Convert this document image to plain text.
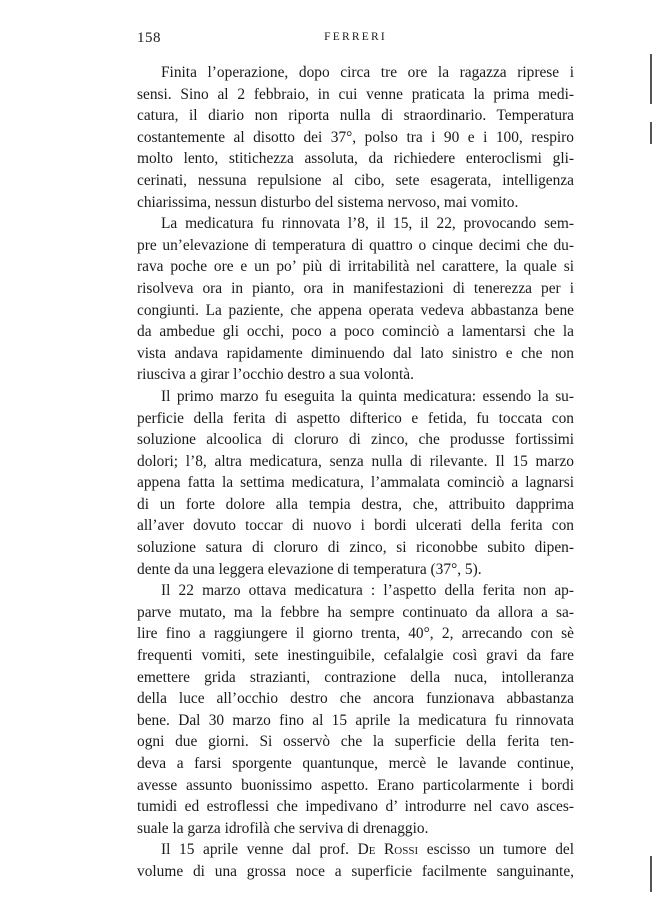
158	FERRERI
Finita l’operazione, dopo circa tre ore la ragazza riprese i
sensi. Sino al 2 febbraio, in cui venne praticata la prima medi-
catura, il diario non riporta nulla di straordinario. Temperatura
costantemente al disotto dei 37°, polso tra i 90 e i 100, respiro
molto lento, stitichezza assoluta, da richiedere enteroclismi gli-
cerinati, nessuna repulsione al cibo, sete esagerata, intelligenza
chiarissima, nessun disturbo del sistema nervoso, mai vomito.
La medicatura fu rinnovata l’8, il 15, il 22, provocando sem-
pre un’elevazione di temperatura di quattro o cinque decimi che du-
rava poche ore e un po’ più di irritabilità nel carattere, la quale si
risolveva ora in pianto, ora in manifestazioni di tenerezza per i
congiunti. La paziente, che appena operata vedeva abbastanza bene
da ambedue gli occhi, poco a poco cominciò a lamentarsi che la
vista andava rapidamente diminuendo dal lato sinistro e che non
riusciva a girar l’occhio destro a sua volontà.
Il primo marzo fu eseguita la quinta medicatura: essendo la su-
perficie della ferita di aspetto difterico e fetida, fu toccata con
soluzione alcoolica di cloruro di zinco, che produsse fortissimi
dolori; l’8, altra medicatura, senza nulla di rilevante. Il 15 marzo
appena fatta la settima medicatura, l’ammalata cominciò a lagnarsi
di un forte dolore alla tempia destra, che, attribuito dapprima
all’aver dovuto toccar di nuovo i bordi ulcerati della ferita con
soluzione satura di cloruro di zinco, si riconobbe subito dipen-
dente da una leggera elevazione di temperatura (37°, 5).
Il 22 marzo ottava medicatura : l’aspetto della ferita non ap-
parve mutato, ma la febbre ha sempre continuato da allora a sa-
lire fino a raggiungere il giorno trenta, 40°, 2, arrecando con sè
frequenti vomiti, sete inestinguibile, cefalalgie così gravi da fare
emettere grida strazianti, contrazione della nuca, intolleranza
della luce all’occhio destro che ancora funzionava abbastanza
bene. Dal 30 marzo fino al 15 aprile la medicatura fu rinnovata
ogni due giorni. Si osservò che la superficie della ferita ten-
deva a farsi sporgente quantunque, mercè le lavande continue,
avesse assunto buonissimo aspetto. Erano particolarmente i bordi
tumidi ed estroflessi che impedivano d’ introdurre nel cavo asces-
suale la garza idrofilà che serviva di drenaggio.
Il 15 aprile venne dal prof. De Rossi escisso un tumore del
volume di una grossa noce a superficie facilmente sanguinante,
